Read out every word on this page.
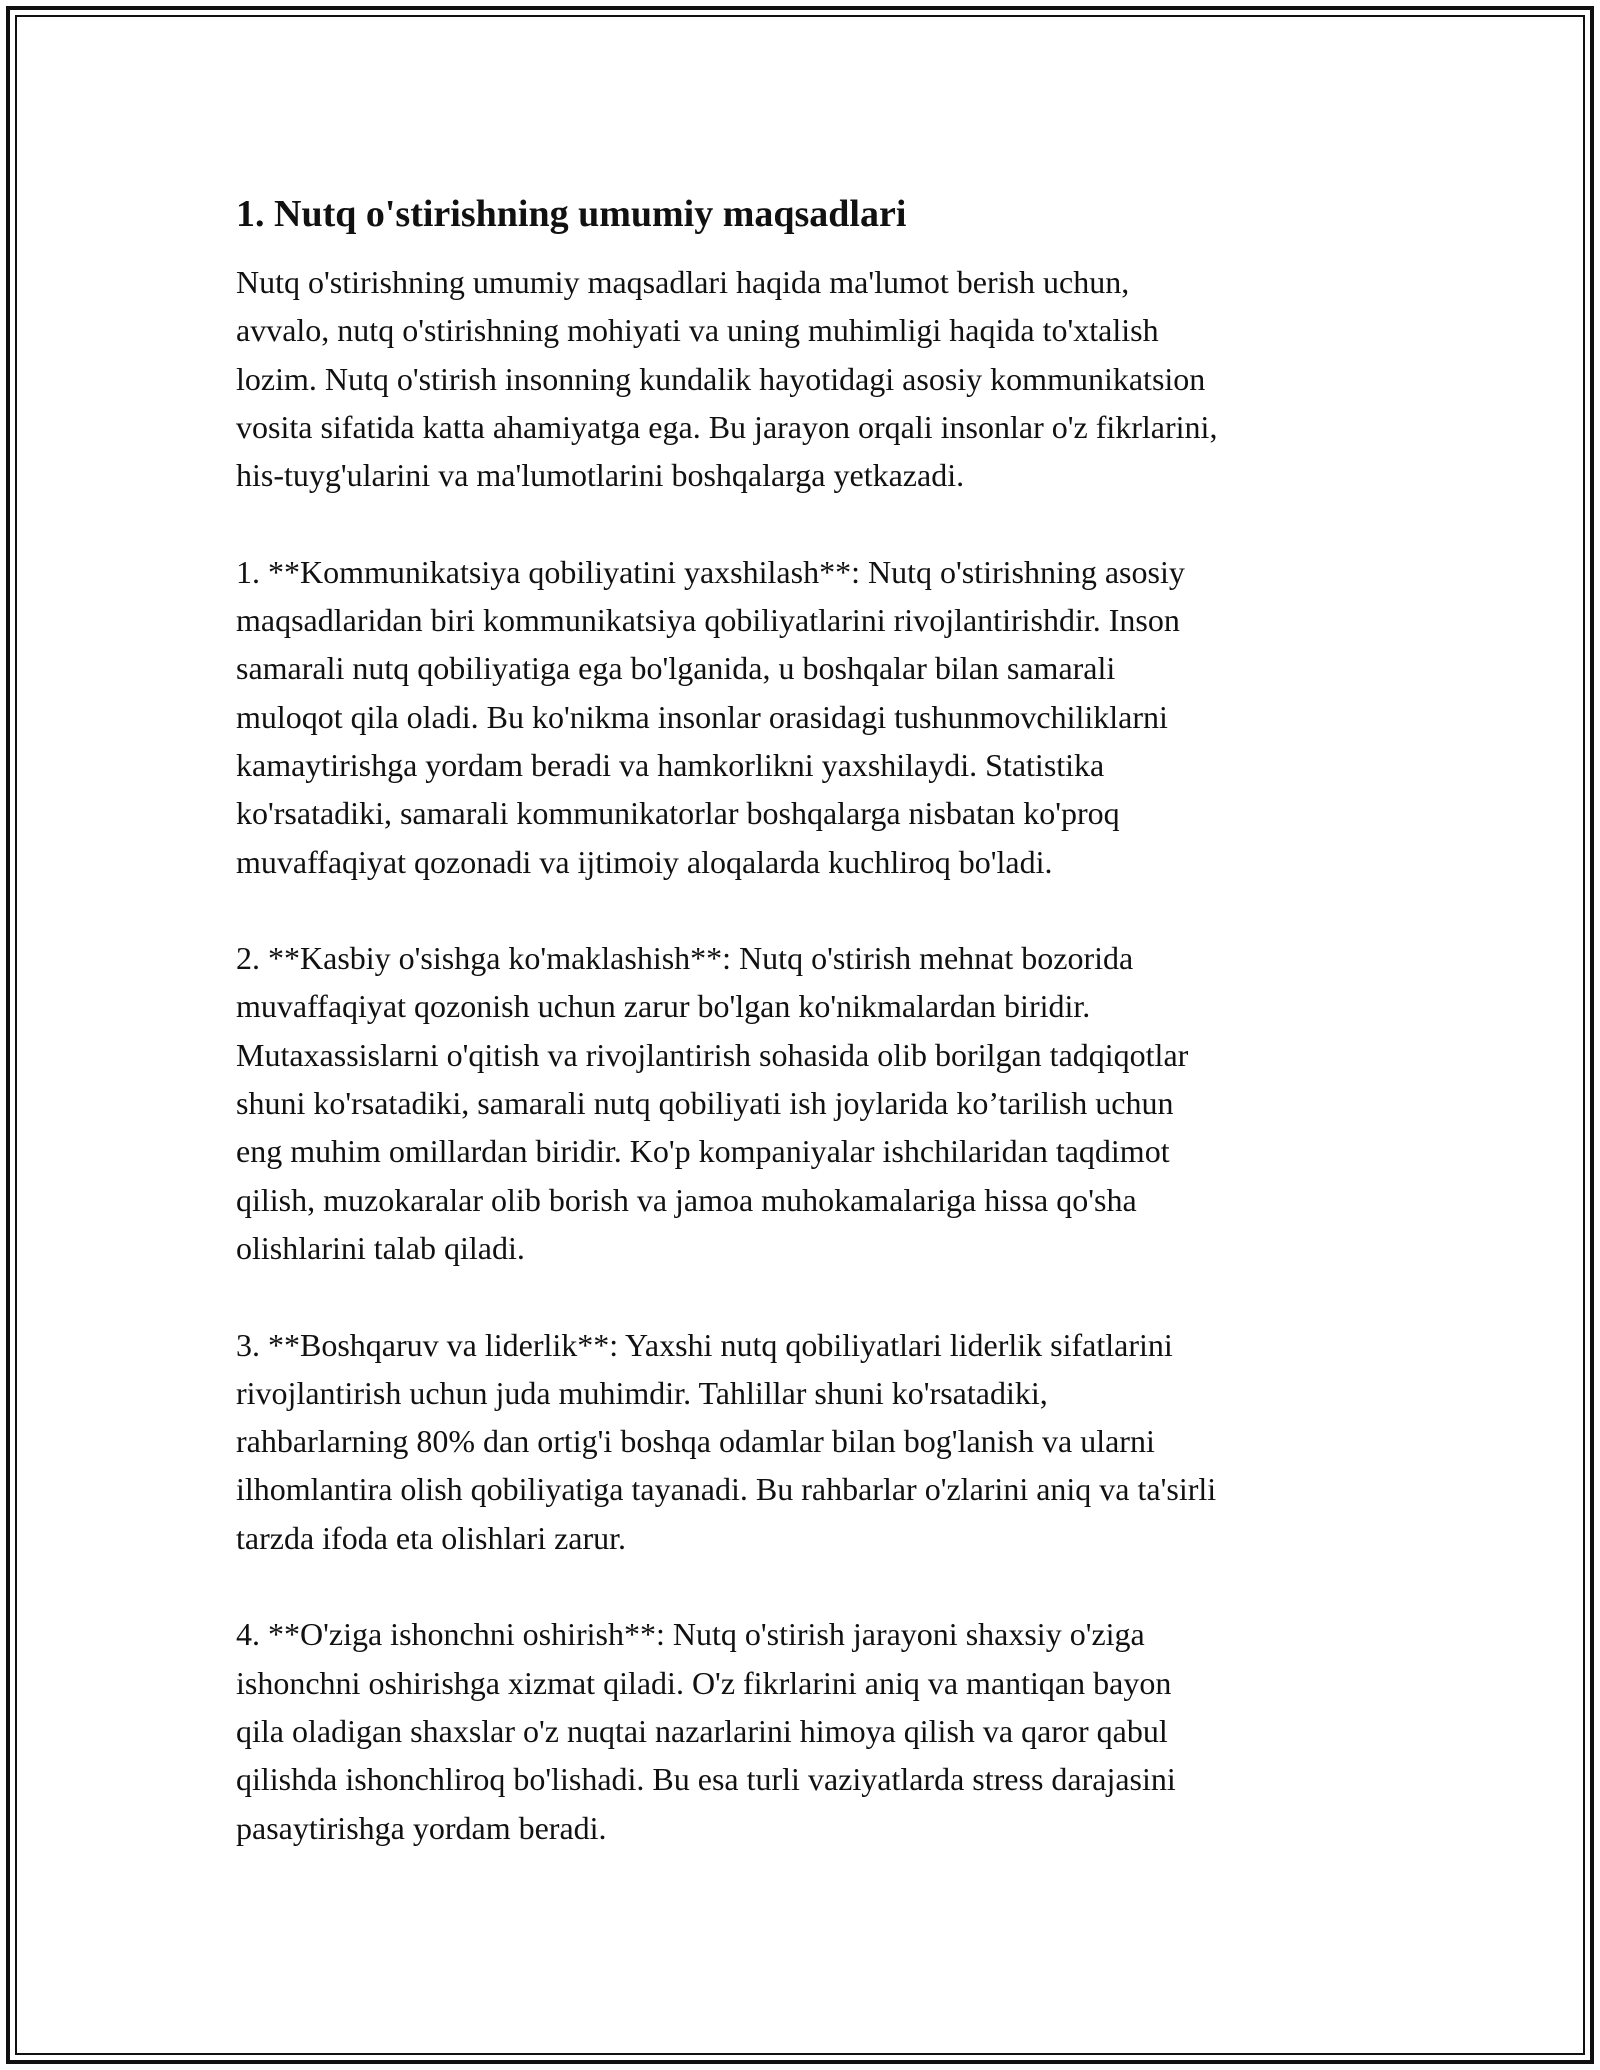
1. Nutq o'stirishning umumiy maqsadlari

Nutq o'stirishning umumiy maqsadlari haqida ma'lumot berish uchun,
avvalo, nutq o'stirishning mohiyati va uning muhimligi haqida to'xtalish
lozim. Nutq o'stirish insonning kundalik hayotidagi asosiy kommunikatsion
vosita sifatida katta ahamiyatga ega. Bu jarayon orqali insonlar o'z fikrlarini,
his-tuyg'ularini va ma'lumotlarini boshqalarga yetkazadi.

1. **Kommunikatsiya qobiliyatini yaxshilash**: Nutq o'stirishning asosiy
maqsadlaridan biri kommunikatsiya qobiliyatlarini rivojlantirishdir. Inson
samarali nutq qobiliyatiga ega bo'lganida, u boshqalar bilan samarali
muloqot qila oladi. Bu ko'nikma insonlar orasidagi tushunmovchiliklarni
kamaytirishga yordam beradi va hamkorlikni yaxshilaydi. Statistika
ko'rsatadiki, samarali kommunikatorlar boshqalarga nisbatan ko'proq
muvaffaqiyat qozonadi va ijtimoiy aloqalarda kuchliroq bo'ladi.

2. **Kasbiy o'sishga ko'maklashish**: Nutq o'stirish mehnat bozorida
muvaffaqiyat qozonish uchun zarur bo'lgan ko'nikmalardan biridir.
Mutaxassislarni o'qitish va rivojlantirish sohasida olib borilgan tadqiqotlar
shuni ko'rsatadiki, samarali nutq qobiliyati ish joylarida ko’tarilish uchun
eng muhim omillardan biridir. Ko'p kompaniyalar ishchilaridan taqdimot
qilish, muzokaralar olib borish va jamoa muhokamalariga hissa qo'sha
olishlarini talab qiladi.

3. **Boshqaruv va liderlik**: Yaxshi nutq qobiliyatlari liderlik sifatlarini
rivojlantirish uchun juda muhimdir. Tahlillar shuni ko'rsatadiki,
rahbarlarning 80% dan ortig'i boshqa odamlar bilan bog'lanish va ularni
ilhomlantira olish qobiliyatiga tayanadi. Bu rahbarlar o'zlarini aniq va ta'sirli
tarzda ifoda eta olishlari zarur.

4. **O'ziga ishonchni oshirish**: Nutq o'stirish jarayoni shaxsiy o'ziga
ishonchni oshirishga xizmat qiladi. O'z fikrlarini aniq va mantiqan bayon
qila oladigan shaxslar o'z nuqtai nazarlarini himoya qilish va qaror qabul
qilishda ishonchliroq bo'lishadi. Bu esa turli vaziyatlarda stress darajasini
pasaytirishga yordam beradi.
